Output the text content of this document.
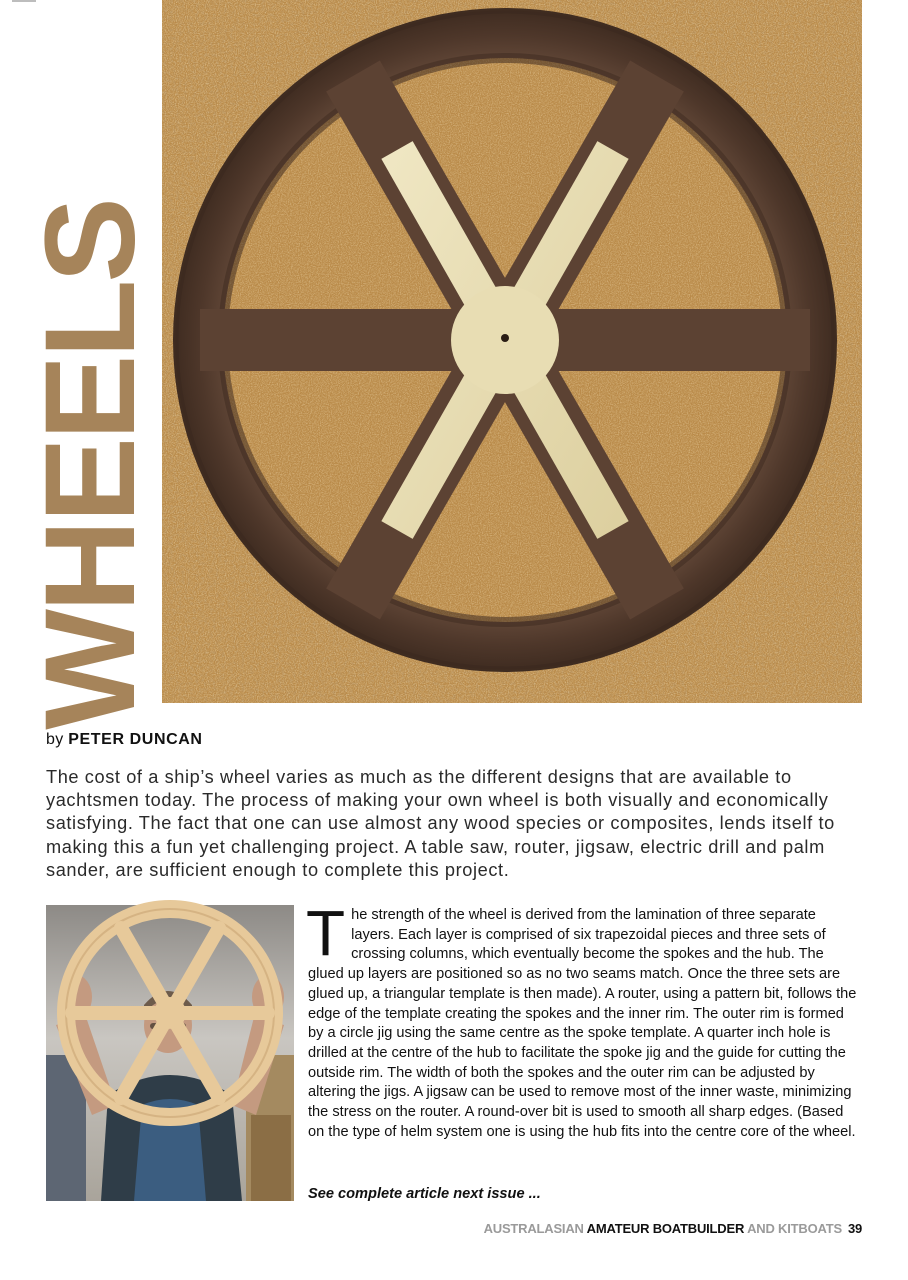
WHEELS
by PETER DUNCAN

The cost of a ship’s wheel varies as much as the different designs that are available to yachtsmen today. The process of making your own wheel is both visually and economically satisfying. The fact that one can use almost any wood species or composites, lends itself to making this a fun yet challenging project. A table saw, router, jigsaw, electric drill and palm sander, are sufficient enough to complete this project.

The strength of the wheel is derived from the lamination of three separate layers. Each layer is comprised of six trapezoidal pieces and three sets of crossing columns, which eventually become the spokes and the hub. The glued up layers are positioned so as no two seams match. Once the three sets are glued up, a triangular template is then made). A router, using a pattern bit, follows the edge of the template creating the spokes and the inner rim. The outer rim is formed by a circle jig using the same centre as the spoke template. A quarter inch hole is drilled at the centre of the hub to facilitate the spoke jig and the guide for cutting the outside rim. The width of both the spokes and the outer rim can be adjusted by altering the jigs. A jigsaw can be used to remove most of the inner waste, minimizing the stress on the router. A round-over bit is used to smooth all sharp edges. (Based on the type of helm system one is using the hub fits into the centre core of the wheel.

See complete article next issue ...
AUSTRALASIAN AMATEUR BOATBUILDER AND KITBOATS 39
